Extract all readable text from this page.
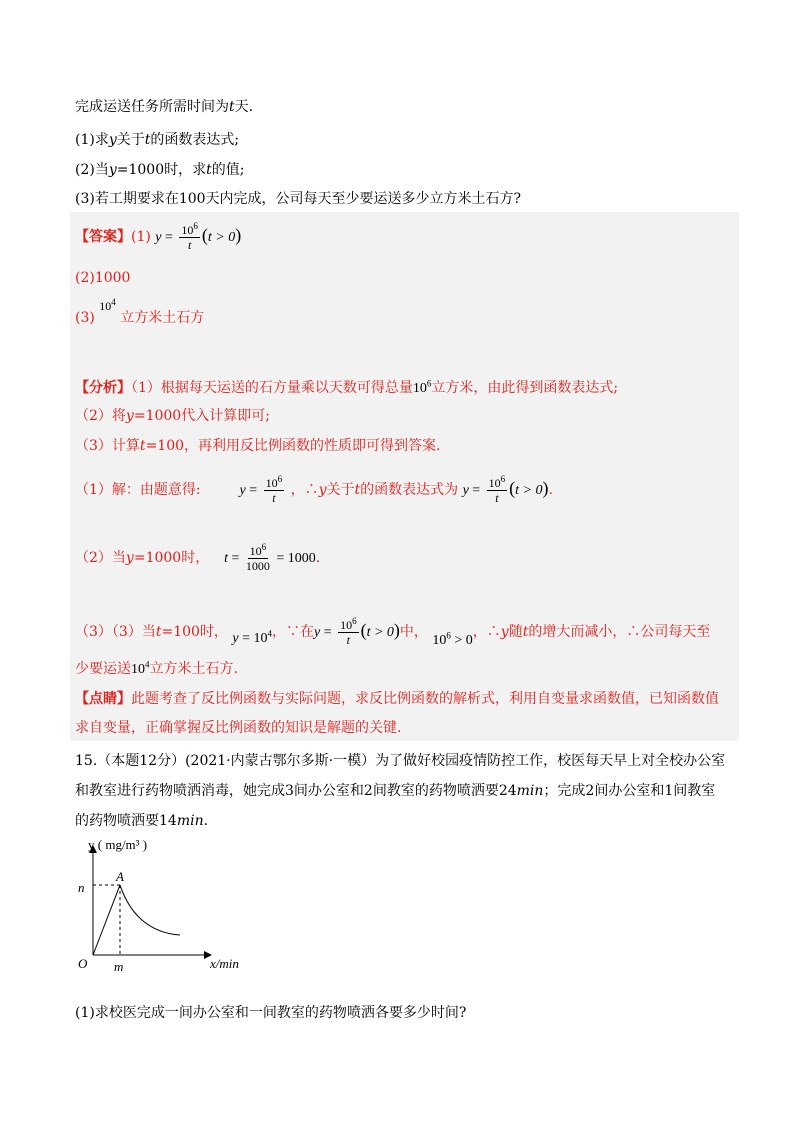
完成运送任务所需时间为t天.
(1)求y关于t的函数表达式;
(2)当y=1000时，求t的值;
(3)若工期要求在100天内完成，公司每天至少要运送多少立方米土石方?
【答案】(1) $y = \frac{10^6}{t} (t > 0)$
(2)1000
(3) $10^4$ 立方米土石方
【分析】（1）根据每天运送的石方量乘以天数可得总量$10^6$立方米，由此得到函数表达式;
（2）将y=1000代入计算即可;
（3）计算t=100，再利用反比例函数的性质即可得到答案.
（1）解：由题意得:	$y = \frac{10^6}{t}$ ，∴y关于t的函数表达式为 $y = \frac{10^6}{t} (t > 0)$.
（2）当y=1000时， $t = \frac{10^6}{1000} = 1000$.
（3）（3）当t=100时， $y = 10^4$，∵在$y = \frac{10^6}{t} (t > 0)$中， $10^6 > 0$，∴y随t的增大而减小，∴公司每天至
少要运送$10^4$立方米土石方.
【点睛】此题考查了反比例函数与实际问题，求反比例函数的解析式，利用自变量求函数值，已知函数值
求自变量，正确掌握反比例函数的知识是解题的关键.
15.（本题12分）(2021·内蒙古鄂尔多斯·一模）为了做好校园疫情防控工作，校医每天早上对全校办公室
和教室进行药物喷洒消毒，她完成3间办公室和2间教室的药物喷洒要24min；完成2间办公室和1间教室
的药物喷洒要14min.
y ( mg/m³ )
x/min
O
n
m
A
(1)求校医完成一间办公室和一间教室的药物喷洒各要多少时间?
